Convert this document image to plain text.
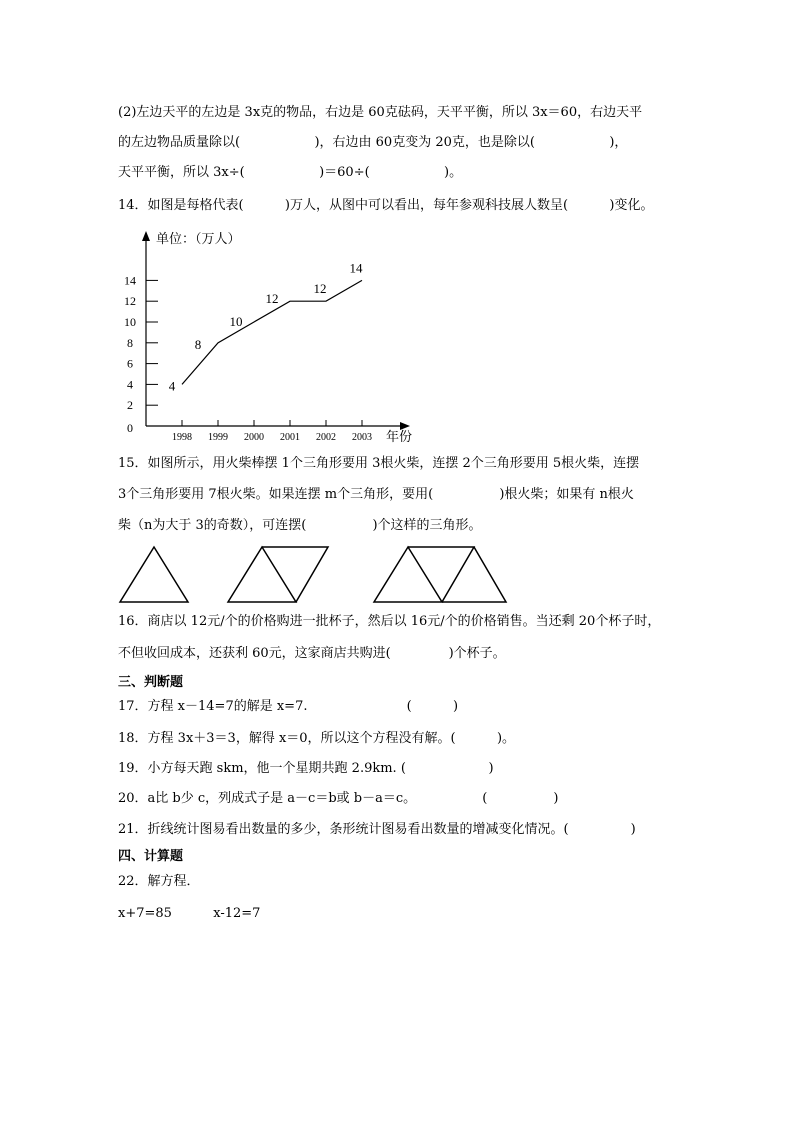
(2)左边天平的左边是 3x克的物品，右边是 60克砝码，天平平衡，所以 3x＝60，右边天平
的左边物品质量除以(                  )，右边由 60克变为 20克，也是除以(                  )，
天平平衡，所以 3x÷(                  )＝60÷(                  )。
14．如图是每格代表(          )万人，从图中可以看出，每年参观科技展人数呈(          )变化。
单位：（万人）
年份
0
2
4
6
8
10
12
14
1998 1999 2000 2001 2002 2003
4
8
10
12
12
14
15．如图所示，用火柴棒摆 1个三角形要用 3根火柴，连摆 2个三角形要用 5根火柴，连摆
3个三角形要用 7根火柴。如果连摆 m个三角形，要用(                )根火柴；如果有 n根火
柴（n为大于 3的奇数），可连摆(                )个这样的三角形。
16．商店以 12元/个的价格购进一批杯子，然后以 16元/个的价格销售。当还剩 20个杯子时，
不但收回成本，还获利 60元，这家商店共购进(              )个杯子。
三、判断题
17．方程 x－14=7的解是 x=7.                        (          )
18．方程 3x＋3＝3，解得 x＝0，所以这个方程没有解。(          )。
19．小方每天跑 skm，他一个星期共跑 2.9km. (                    )
20．a比 b少 c，列成式子是 a－c＝b或 b－a＝c。                (                )
21．折线统计图易看出数量的多少，条形统计图易看出数量的增减变化情况。(               )
四、计算题
22．解方程．
x+7=85          x-12=7
